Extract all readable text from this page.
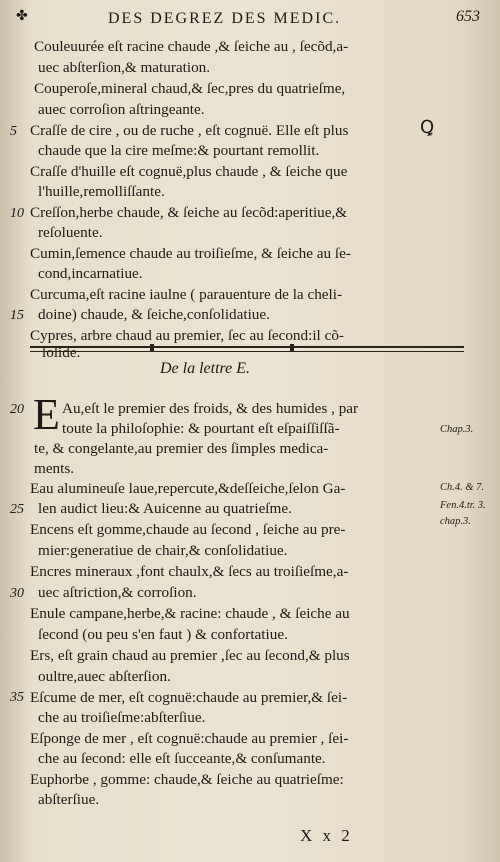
✤	DES DEGREZ DES MEDIC.	653
Couleuurée eſt racine chaude ,& ſeiche au , ſecõd,a-
uec abſterſion,& maturation.
Couperoſe,mineral chaud,& ſec,pres du quatrieſme,
auec corroſion aſtringeante.
Craſſe de cire , ou de ruche , eſt cognuë. Elle eſt plus
chaude que la cire meſme:& pourtant remollit.
Craſſe d'huille eſt cognuë,plus chaude , & ſeiche que
l'huille,remolliſſante.
Creſſon,herbe chaude, & ſeiche au ſecõd:aperitiue,&
reſoluente.
Cumin,ſemence chaude au troiſieſme, & ſeiche au ſe-
cond,incarnatiue.
Curcuma,eſt racine iaulne ( parauenture de la cheli-
doine) chaude, & ſeiche,conſolidatiue.
Cypres, arbre chaud au premier, ſec au ſecond:il cõ-
ſolide.
5
10
15
Ꝗ
De la lettre E.
E Au,eſt le premier des froids, & des humides , par
toute la philoſophie: & pourtant eſt eſpaiſſiſſã-
te, & congelante,au premier des ſimples medica-
ments.
Eau alumineuſe laue,repercute,&deſſeiche,ſelon Ga-
len audict lieu:& Auicenne au quatrieſme.
Encens eſt gomme,chaude au ſecond , ſeiche au pre-
mier:generatiue de chair,& conſolidatiue.
Encres mineraux ,font chaulx,& ſecs au troiſieſme,a-
uec aſtriction,& corroſion.
Enule campane,herbe,& racine: chaude , & ſeiche au
ſecond (ou peu s'en faut ) & confortatiue.
Ers, eſt grain chaud au premier ,ſec au ſecond,& plus
oultre,auec abſterſion.
Eſcume de mer, eſt cognuë:chaude au premier,& ſei-
che au troiſieſme:abſterſiue.
Eſponge de mer , eſt cognuë:chaude au premier , ſei-
che au ſecond: elle eſt ſuccеante,& conſumante.
Euphorbe , gomme: chaude,& ſeiche au quatrieſme:
abſterſiue.
20
25
30
35
Chap.3.
Ch.4. & 7.
Fen.4.tr. 3.
chap.3.
X x 2
